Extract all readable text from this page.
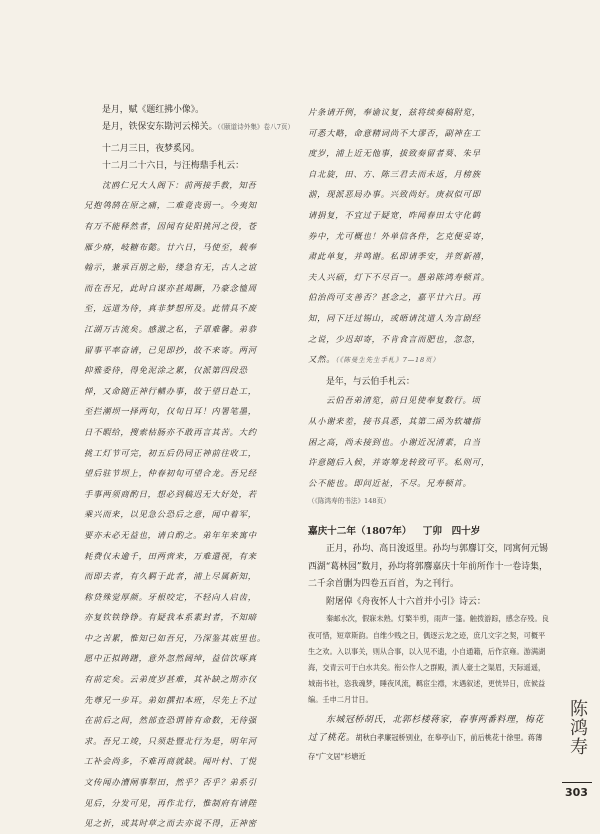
是月，赋《题红拂小像》。

是月，铁保安东勘河云梯关。（《颐道诗外集》卷八7页）

十二月三日，夜梦奚冈。

十二月二十六日，与汪梅鼎手札云：

沈鸥仁兄大人阁下：前两接手教，知吾

兄抱鸰鹄在原之痛，二难竟丧弱一。今夷知

有万不能释然者，因闻有徒阳挑河之役，苍

雁少瘠，岐糖布懿。廿六日，马使至，载奉

翰示，兼承百朋之贻，缕急有无，古人之谊

而在吾兄，此时自谋亦甚竭蹶，乃豪念恤周

至，远道为待，真非梦想所及。此情具不废

江湖万古流矣。感激之私，子罩难馨。弟恭

留事平率奋请，已见即抄，故不来寄。两河

抑雅委待，得免泥涂之累，仅派第四段恐

惮，又命随正神行輶办事，故于望日赴工，

至拦潮坝一择两旬，仅旬日耳！内署笔墨，

日不暇给，搜索枯肠亦不敢再言其苦。大约

挑工灯节可完，初五后仍同正神前往收工，

望后驻节坝上，仲春初旬可望合龙。吾兄经

手事两须商酌日，想必到稿迟无大好处，若

乘兴而来，以见急公恐后之意，闻中着军，

要亦未必无益也，请自酌之。弟年年来寓中

耗费仅未逾千，田两啻来，万难還视，有来

而即去者，有久羁于此者，浦上尽属新知，

称贷殊觉厚颜。牙根咬定，不轻向人启齿，

亦复钦铁铮铮。有疑我本系素封者，不知暗

中之苦累，惟知已如吾兄，乃深鉴其底里也。

愿中正拟踌躇，意外忽然阔绰，益信饮啄真

有前定矣。云弟度岁甚难，其补缺之期亦仅

先尊兄一步耳。弟如撰扣本班，尽先上不过

在前后之间，然部查恐谓皆有命数，无待强

求。吾兄工竣，只须赴暨北行为是，明年河

工补会尚多，不难再商就缺。闻叶村、丁悦

文传闻办漕闸事犁田，然乎？否乎？弟系引

见后，分发可见，再作北行，惟制府有请陛

见之折，或其时草之而去亦说不得，正神密

片条请开例，奉谕议复，兹将续奏稿附览，

可悉大略，命意精词尚不大谬否，副神在工

度岁，浦上近无他事，拔致奏留者葵、朱早

自北旋，田、方、陈三君去而未返，月榜族

湔，现派恶局办事。兴致尚好。庚叔似可即

请捐复，不宜过于疑宽，昨闻春田太守化鹤

券中，尤可概也！外单信各件，乞克便妥寄，

肃此单复，并鸣谢。私即请季安，并贺新禧，

夫人兴硕，灯下不尽百一。愚弟陈鸿寿顿首。

伯治尚可支善否？甚念之，嘉平廿六日。再

知，同下迁过锡山，或晤请沈道人为言剧经

之说，少迟却寄，不肯食言而肥也，忽忽，

又然。（《陈曼生先生手札》7—18页）

是年，与云伯手札云：

云伯吾弟清览，前日见使奉复数行。顷

从小谢来差，接书具悉，其第二函为软墉指

困之高，尚未接到也。小谢近况清素，自当

许意随后入候，并寄筹龙转致可平。私则可，

公不能也。即问近祉，不尽。兄寿顿首。

（《陈鸿寿的书法》148页）

嘉庆十二年（1807年） 丁卯　四十岁

正月，孙均、高日浚返里。孙均与郭麐订交，同寓何元锡西湖“葛林园”数月，孙均将郭麐嘉庆十年前所作十一卷诗集，二千余首删为四卷五百首，为之刊行。

附屠倬《舟夜怀人十六首并小引》诗云：

秦邮水次，假寐未熟。灯檠半剪，雨声一篷。触拨游踪，感念存殁。良夜可惜，短章斯韵。自维少贱之日，偶逐云龙之迹，庶几文字之契，可概平生之欢。入以事关，则从合事，以入见不遗，小自通籍，后作京雍。游满湖海，交青云可于白水共矣。衔公作人之群殿，洒人豪士之渠眉，天际遥遥，城南书社，恣我魂梦，睡夜风流，羁宦尘襟，末遇叙述，更恍异日，庶候益编。壬申二月廿日。

东城冠桥胡氏，北郭杉楼蒋家，春事两番料理，梅花过了桃花。胡秋白孝廉冠桥别业，在皋亭山下，前后桃花十徐里。蒋薄存“广文居”杉塘近

陈鸿寿
303
